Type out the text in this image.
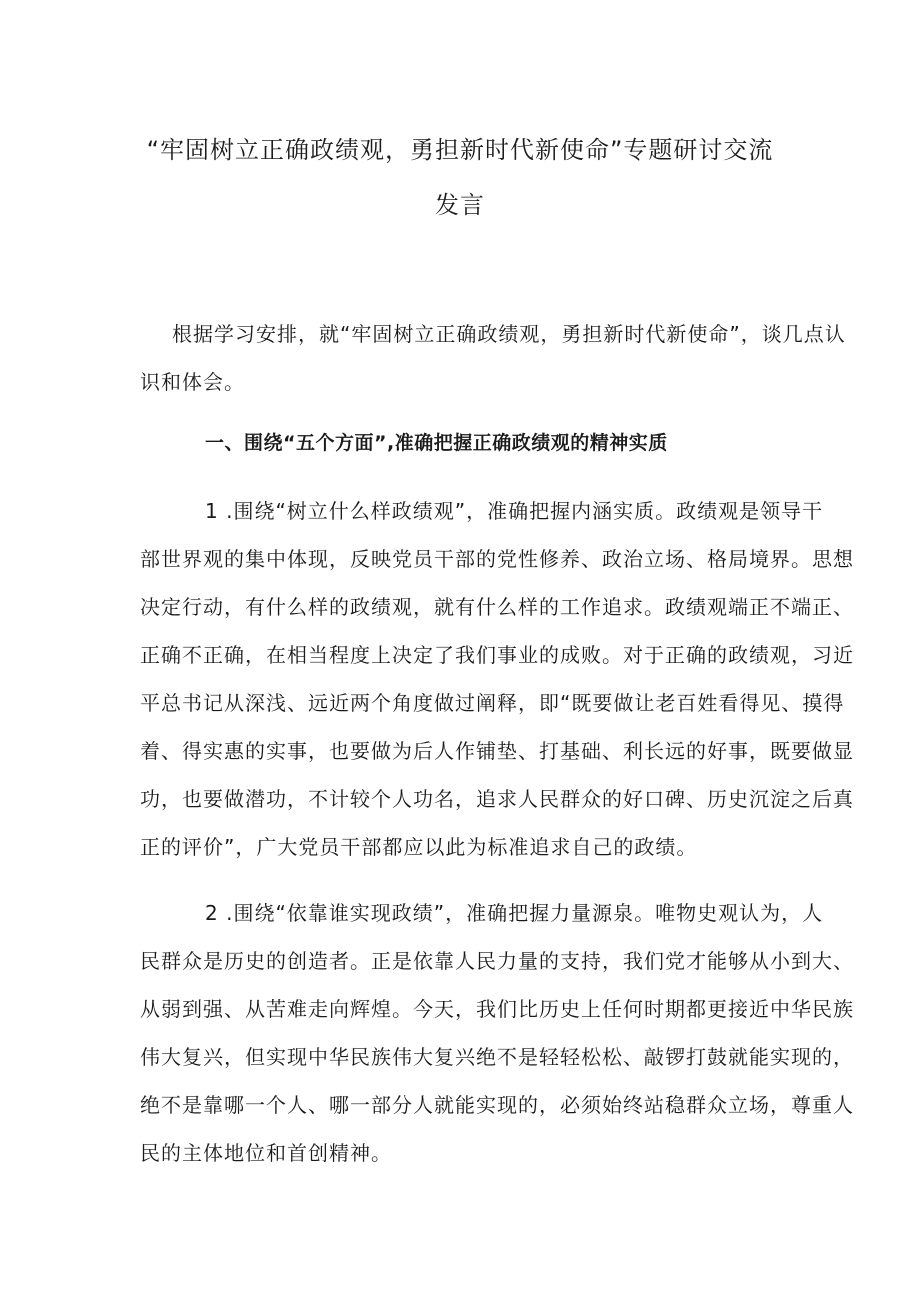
“牢固树立正确政绩观，勇担新时代新使命”专题研讨交流
发言
根据学习安排，就“牢固树立正确政绩观，勇担新时代新使命”，谈几点认
识和体会。
一、围绕“五个方面”,准确把握正确政绩观的精神实质
1 .围绕“树立什么样政绩观”，准确把握内涵实质。政绩观是领导干
部世界观的集中体现，反映党员干部的党性修养、政治立场、格局境界。思想
决定行动，有什么样的政绩观，就有什么样的工作追求。政绩观端正不端正、
正确不正确，在相当程度上决定了我们事业的成败。对于正确的政绩观，习近
平总书记从深浅、远近两个角度做过阐释，即“既要做让老百姓看得见、摸得
着、得实惠的实事，也要做为后人作铺垫、打基础、利长远的好事，既要做显
功，也要做潜功，不计较个人功名，追求人民群众的好口碑、历史沉淀之后真
正的评价”，广大党员干部都应以此为标准追求自己的政绩。
2 .围绕“依靠谁实现政绩”，准确把握力量源泉。唯物史观认为，人
民群众是历史的创造者。正是依靠人民力量的支持，我们党才能够从小到大、
从弱到强、从苦难走向辉煌。今天，我们比历史上任何时期都更接近中华民族
伟大复兴，但实现中华民族伟大复兴绝不是轻轻松松、敲锣打鼓就能实现的，
绝不是靠哪一个人、哪一部分人就能实现的，必须始终站稳群众立场，尊重人
民的主体地位和首创精神。
